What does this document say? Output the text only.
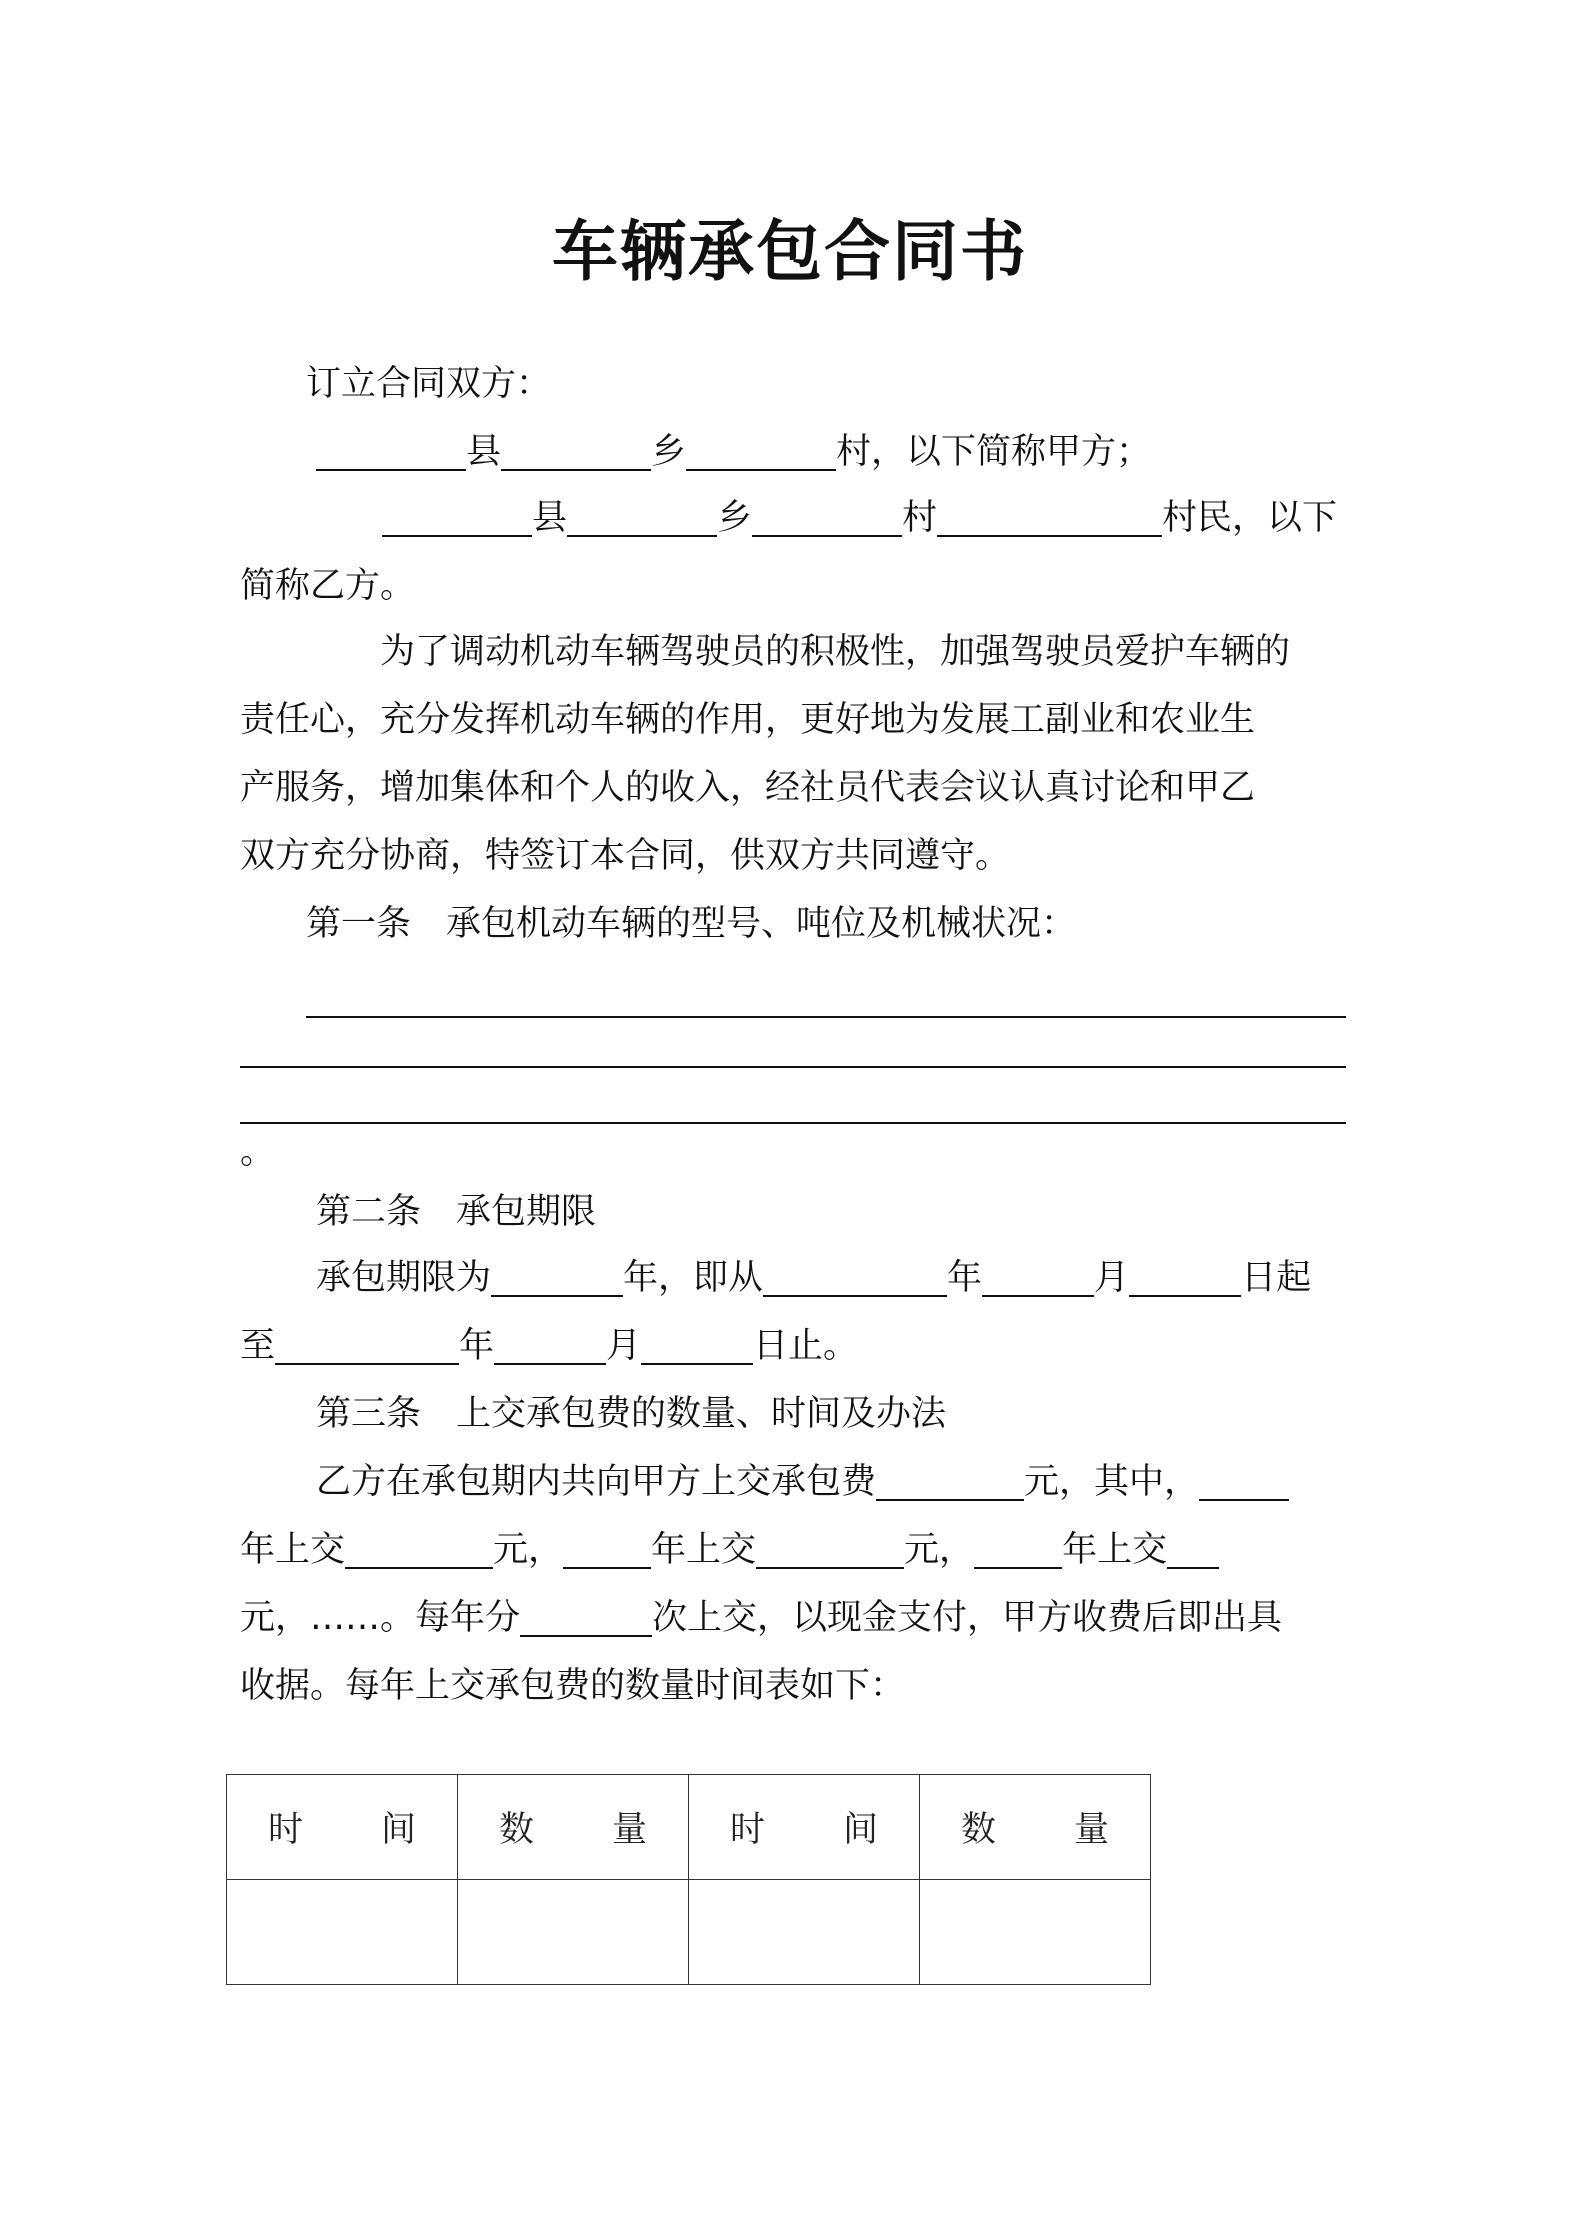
车辆承包合同书
订立合同双方：
县	乡	村，以下简称甲方；
县	乡	村	村民，以下
简称乙方。
为了调动机动车辆驾驶员的积极性，加强驾驶员爱护车辆的
责任心，充分发挥机动车辆的作用，更好地为发展工副业和农业生
产服务，增加集体和个人的收入，经社员代表会议认真讨论和甲乙
双方充分协商，特签订本合同，供双方共同遵守。
第一条　承包机动车辆的型号、吨位及机械状况：
。
第二条　承包期限
承包期限为	年，即从	年	月	日起
至	年	月	日止。
第三条　上交承包费的数量、时间及办法
乙方在承包期内共向甲方上交承包费	元，其中，
年上交	元，	年上交	元，	年上交
元，……。每年分	次上交，以现金支付，甲方收费后即出具
收据。每年上交承包费的数量时间表如下：
时 间	数 量	时 间	数 量
